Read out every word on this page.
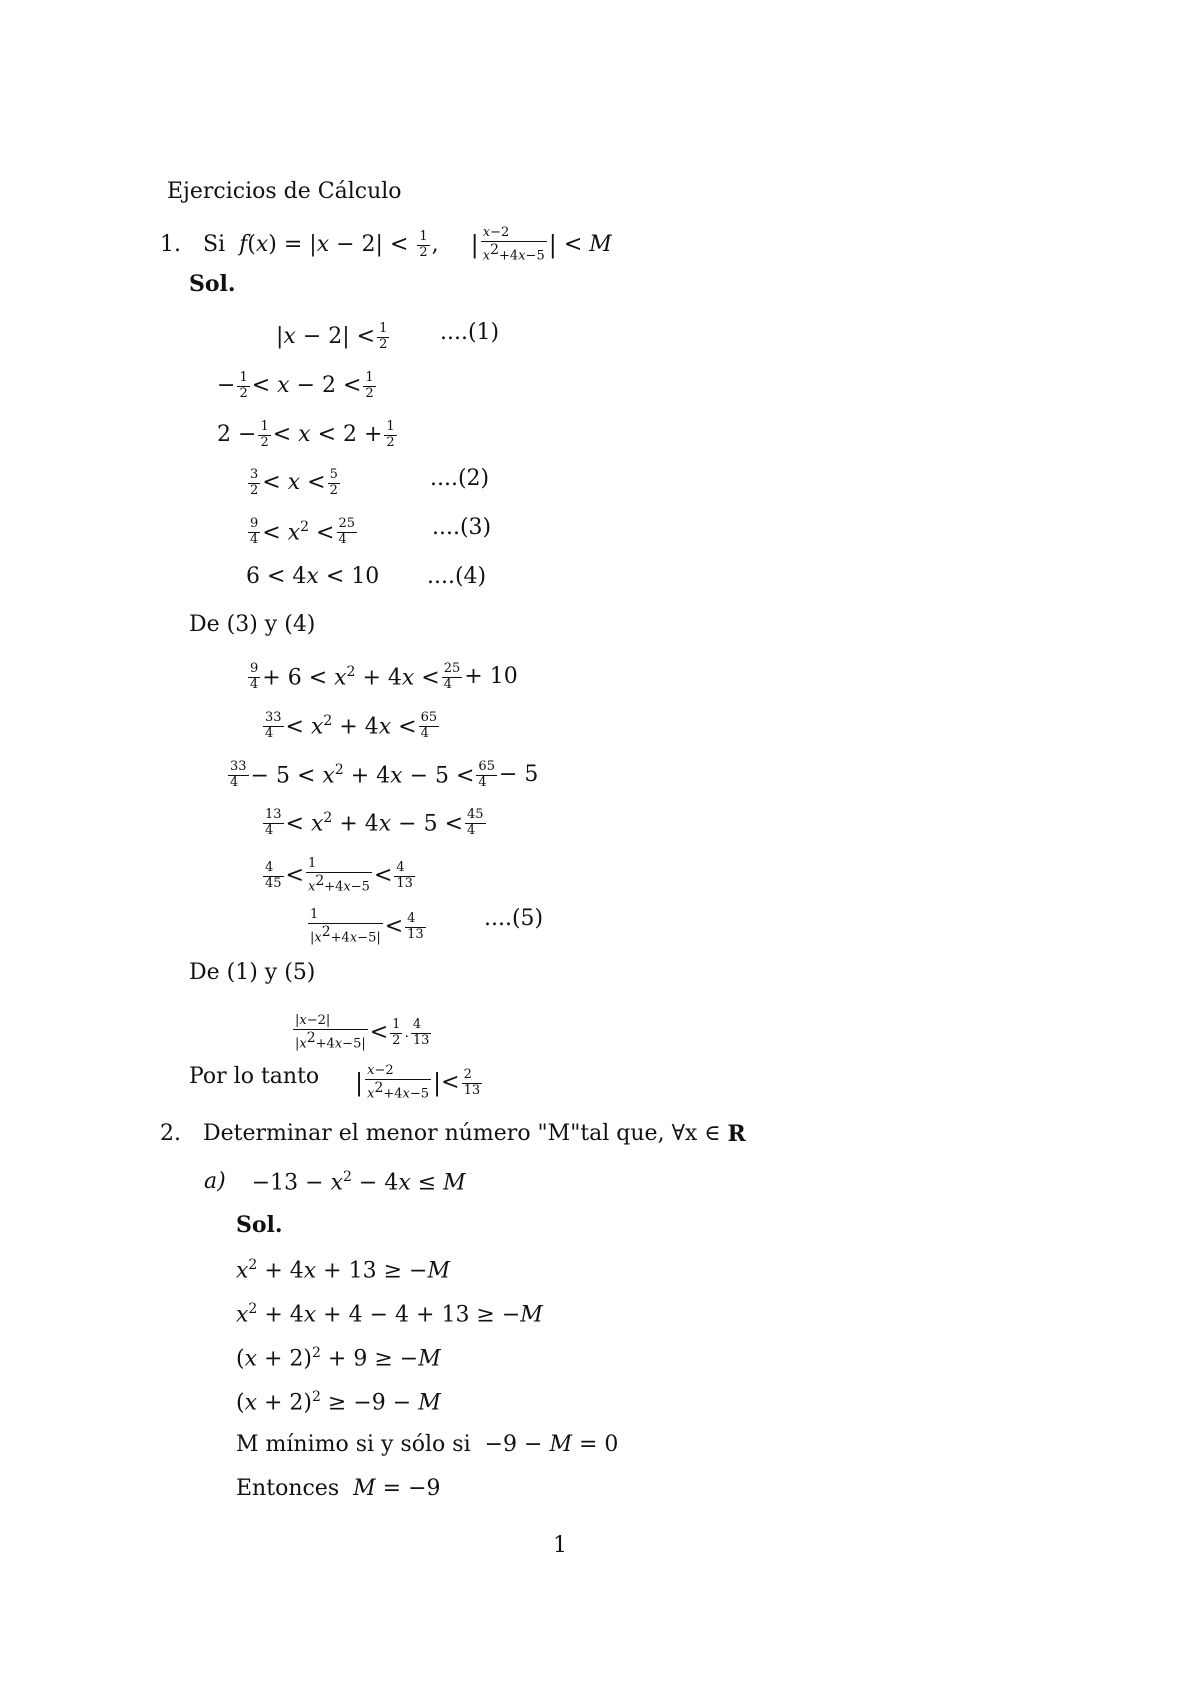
Ejercicios de Cálculo
1. Si $f(x) = |x - 2| < \frac{1}{2}$ , | $\frac{x-2}{x^2+4x-5}$ | < M
Sol.
$|x - 2| < \frac{1}{2} ....(1)$
− $\frac{1}{2} < x - 2 < \frac{1}{2}$
$2 - \frac{1}{2} < x < 2 + \frac{1}{2}$
$\frac{3}{2} < x < \frac{5}{2}$	....(2)
$\frac{9}{4} < x^2 < \frac{25}{4}$	....(3)
6 < 4x < 10 ....(4)
De (3) y (4)
$\frac{9}{4} + 6 < x^2 + 4x < \frac{25}{4} + 10$
$\frac{33}{4} < x^2 + 4x < \frac{65}{4}$
$\frac{33}{4} - 5 < x^2 + 4x - 5 < \frac{65}{4} - 5$
$\frac{13}{4} < x^2 + 4x - 5 < \frac{45}{4}$
$\frac{4}{45} < \frac{1}{x^2+4x-5} < \frac{4}{13}$
$\frac{1}{|x^2+4x-5|} < \frac{4}{13}$	....(5)
De (1) y (5)
$\frac{|x-2|}{|x^2+4x-5|} < \frac{1}{2}$ . $\frac{4}{13}$
Por lo tanto | $\frac{x-2}{x^2+4x-5}$ |< $\frac{2}{13}$
2. Determinar el menor número "M"tal que, ∀x ∈ R
$a) -13 - x^2 - 4x \le M$
Sol.
$x^2 + 4x + 13 \ge -M$
$x^2 + 4x + 4 - 4 + 13 \ge -M$
$(x + 2)^2 + 9 \ge -M$
$(x + 2)^2 \ge -9 - M$
M mínimo si y sólo si  −9 − M = 0
Entonces M = −9
1
